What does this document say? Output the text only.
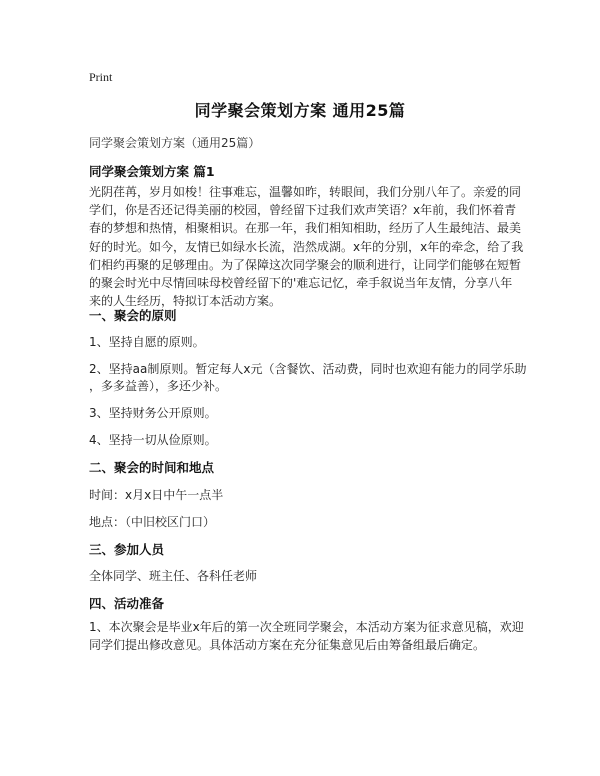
Print
同学聚会策划方案 通用25篇
同学聚会策划方案（通用25篇）
同学聚会策划方案 篇1
光阴荏苒，岁月如梭！往事难忘，温馨如昨，转眼间，我们分别八年了。亲爱的同
学们，你是否还记得美丽的校园，曾经留下过我们欢声笑语？x年前，我们怀着青
春的梦想和热情，相聚相识。在那一年，我们相知相助，经历了人生最纯洁、最美
好的时光。如今，友情已如绿水长流，浩然成湖。x年的分别，x年的牵念，给了我
们相约再聚的足够理由。为了保障这次同学聚会的顺利进行，让同学们能够在短暂
的聚会时光中尽情回味母校曾经留下的'难忘记忆，牵手叙说当年友情，分享八年
来的人生经历，特拟订本活动方案。
一、聚会的原则
1、坚持自愿的原则。
2、坚持aa制原则。暂定每人x元（含餐饮、活动费，同时也欢迎有能力的同学乐助
，多多益善），多还少补。
3、坚持财务公开原则。
4、坚持一切从俭原则。
二、聚会的时间和地点
时间：x月x日中午一点半
地点：（中旧校区门口）
三、参加人员
全体同学、班主任、各科任老师
四、活动准备
1、本次聚会是毕业x年后的第一次全班同学聚会，本活动方案为征求意见稿，欢迎
同学们提出修改意见。具体活动方案在充分征集意见后由筹备组最后确定。
